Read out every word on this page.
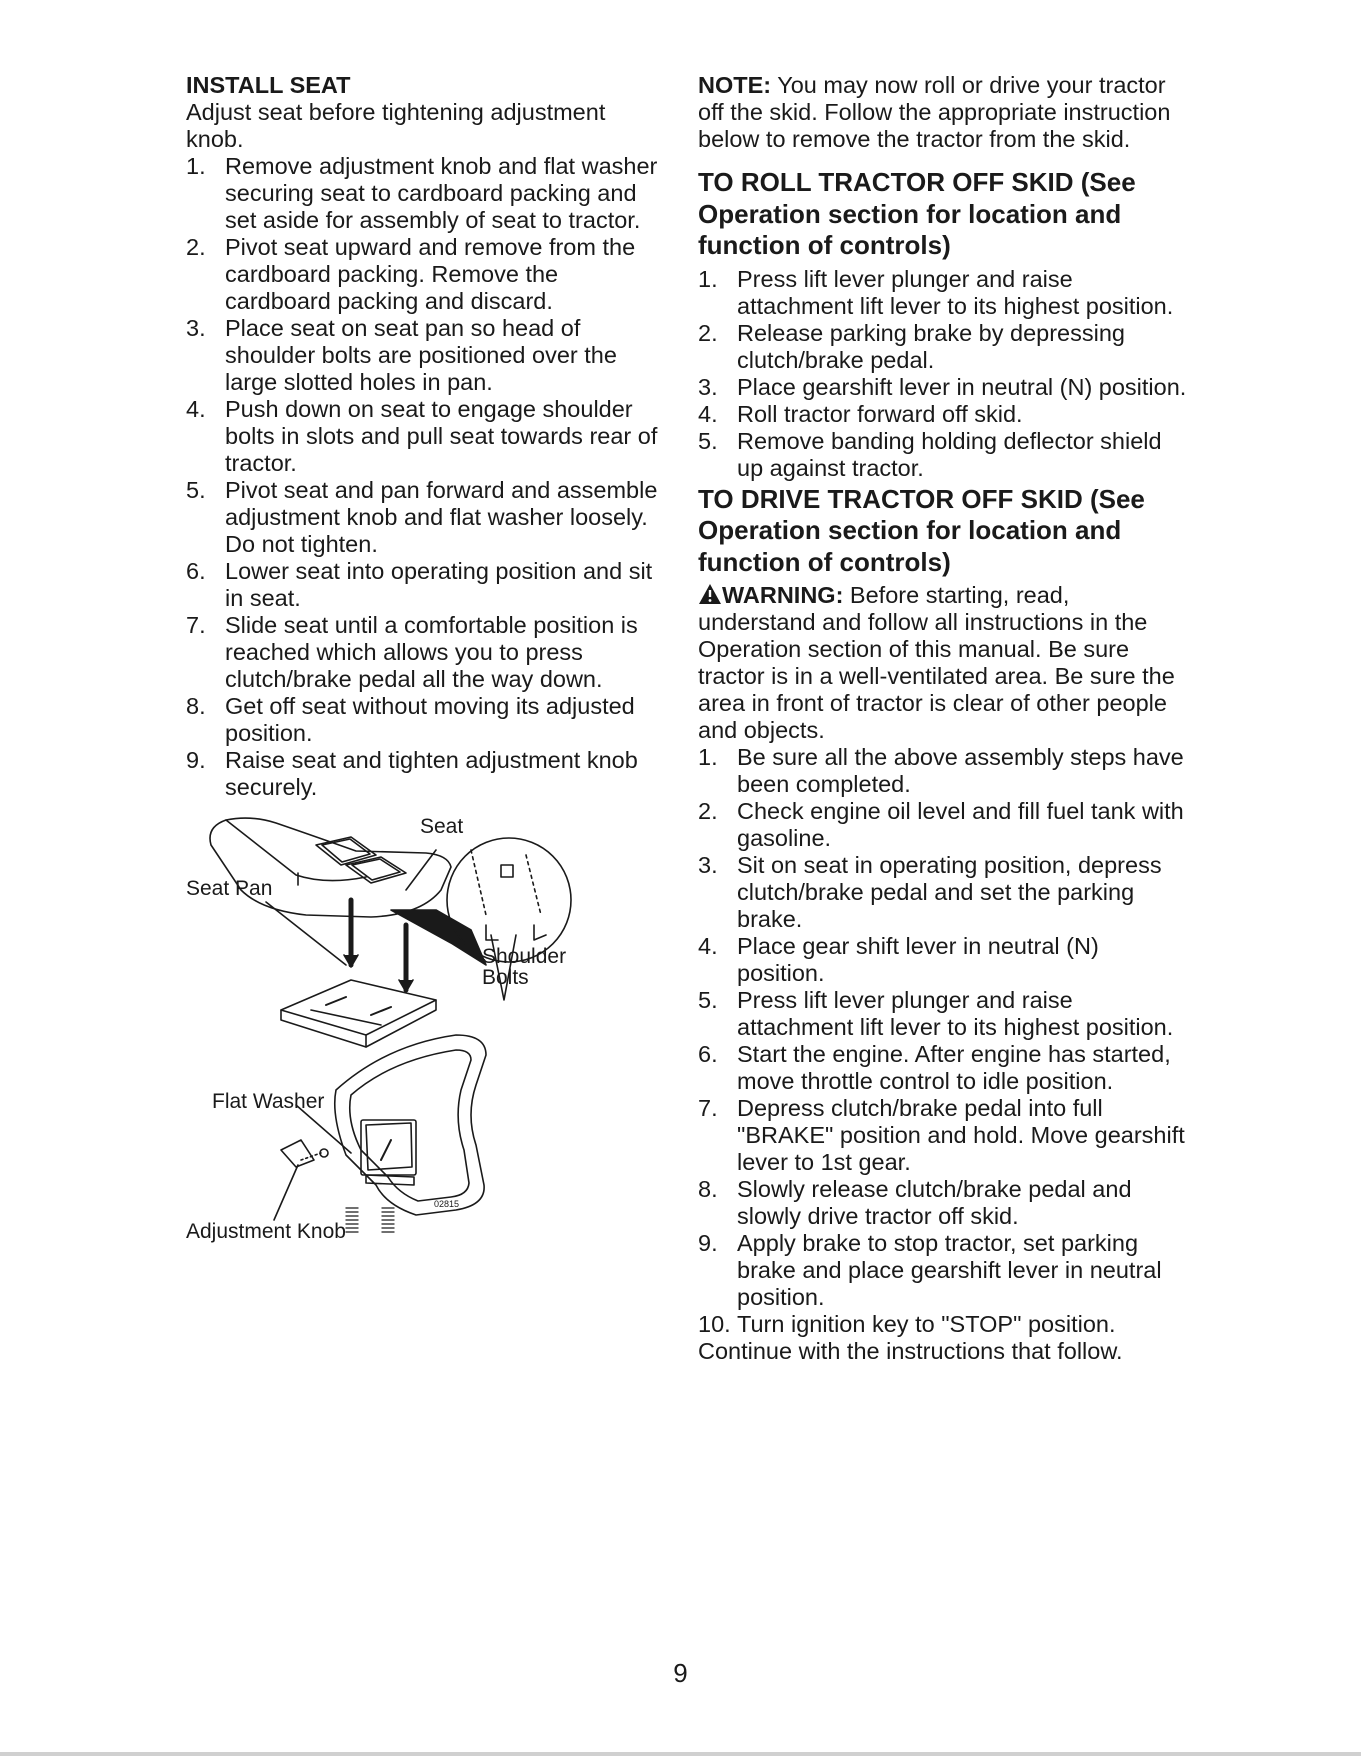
INSTALL SEAT

Adjust seat before tightening adjustment knob.

1. Remove adjustment knob and flat washer securing seat to cardboard packing and set aside for assembly of seat to tractor.
2. Pivot seat upward and remove from the cardboard packing. Remove the cardboard packing and discard.
3. Place seat on seat pan so head of shoulder bolts are positioned over the large slotted holes in pan.
4. Push down on seat to engage shoulder bolts in slots and pull seat towards rear of tractor.
5. Pivot seat and pan forward and assemble adjustment knob and flat washer loosely. Do not tighten.
6. Lower seat into operating position and sit in seat.
7. Slide seat until a comfortable position is reached which allows you to press clutch/brake pedal all the way down.
8. Get off seat without moving its adjusted position.
9. Raise seat and tighten adjustment knob securely.
Seat
Seat Pan
Shoulder
Bolts
Flat Washer
Adjustment Knob
02815

NOTE: You may now roll or drive your tractor off the skid. Follow the appropriate instruction below to remove the tractor from the skid.

TO ROLL TRACTOR OFF SKID (See Operation section for location and function of controls)

1. Press lift lever plunger and raise attachment lift lever to its highest position.
2. Release parking brake by depressing clutch/brake pedal.
3. Place gearshift lever in neutral (N) position.
4. Roll tractor forward off skid.
5. Remove banding holding deflector shield up against tractor.

TO DRIVE TRACTOR OFF SKID (See Operation section for location and function of controls)

WARNING: Before starting, read, understand and follow all instructions in the Operation section of this manual. Be sure tractor is in a well-ventilated area. Be sure the area in front of tractor is clear of other people and objects.

1. Be sure all the above assembly steps have been completed.
2. Check engine oil level and fill fuel tank with gasoline.
3. Sit on seat in operating position, depress clutch/brake pedal and set the parking brake.
4. Place gear shift lever in neutral (N) position.
5. Press lift lever plunger and raise attachment lift lever to its highest position.
6. Start the engine. After engine has started, move throttle control to idle position.
7. Depress clutch/brake pedal into full "BRAKE" position and hold. Move gearshift lever to 1st gear.
8. Slowly release clutch/brake pedal and slowly drive tractor off skid.
9. Apply brake to stop tractor, set parking brake and place gearshift lever in neutral position.
10. Turn ignition key to "STOP" position.

Continue with the instructions that follow.

9
